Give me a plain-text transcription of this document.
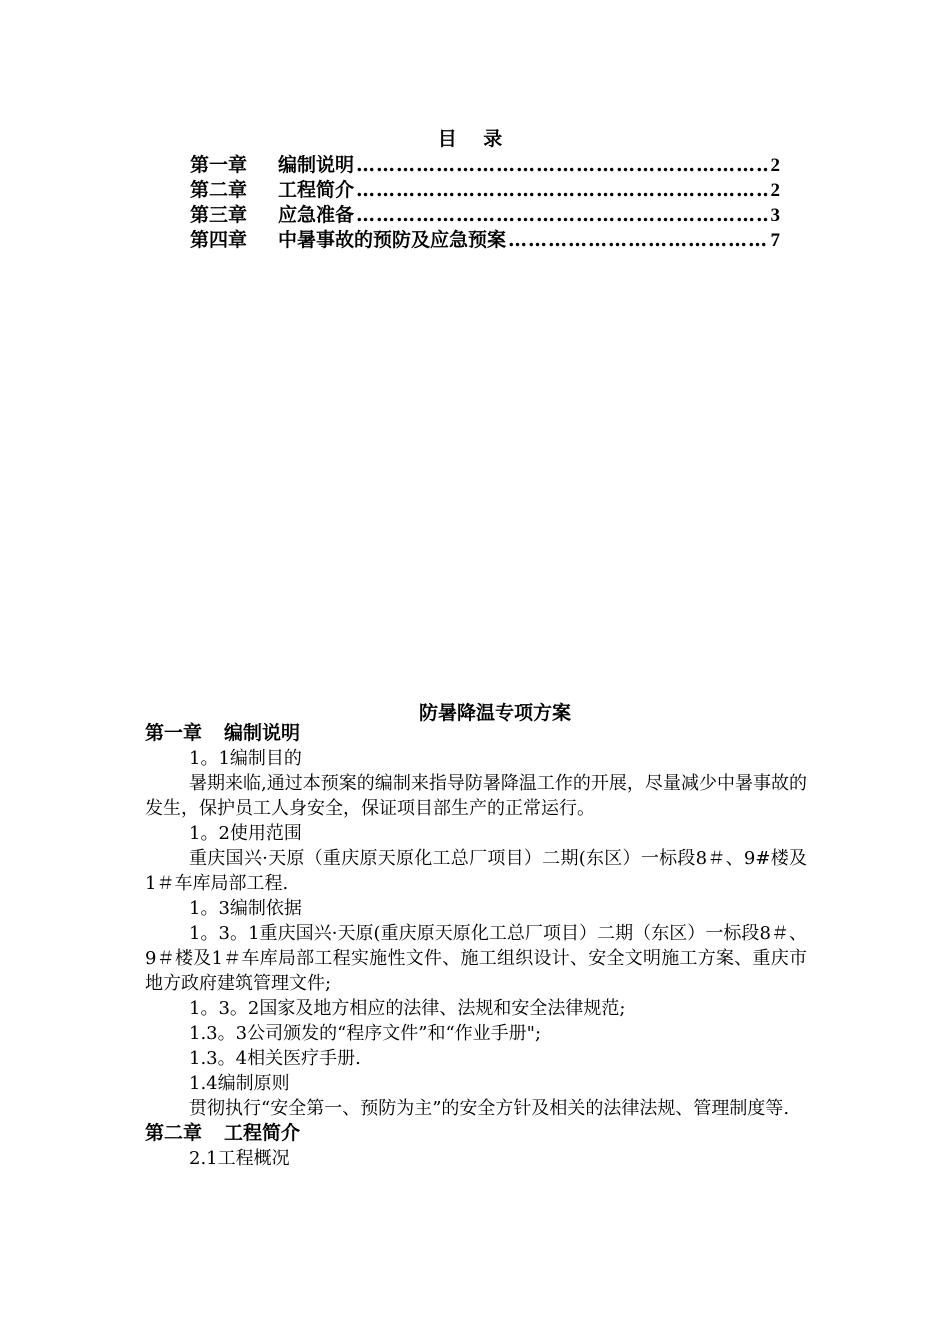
目 录
第一章	编制说明 ……………………………………………………………………………………………………………………	2
第二章	工程简介 ……………………………………………………………………………………………………………………	2
第三章	应急准备 ……………………………………………………………………………………………………………………	3
第四章	中暑事故的预防及应急预案 ……………………………………………………………………………………………………………………	7
防暑降温专项方案
第一章 编制说明
1。1编制目的
暑期来临,通过本预案的编制来指导防暑降温工作的开展，尽量减少中暑事故的发生，保护员工人身安全，保证项目部生产的正常运行。
1。2使用范围
重庆国兴·天原（重庆原天原化工总厂项目）二期(东区）一标段8＃、9#楼及1＃车库局部工程.
1。3编制依据
1。3。1重庆国兴·天原(重庆原天原化工总厂项目）二期（东区）一标段8＃、9＃楼及1＃车库局部工程实施性文件、施工组织设计、安全文明施工方案、重庆市地方政府建筑管理文件;
1。3。2国家及地方相应的法律、法规和安全法律规范;
1.3。3公司颁发的“程序文件”和“作业手册";
1.3。4相关医疗手册.
1.4编制原则
贯彻执行“安全第一、预防为主”的安全方针及相关的法律法规、管理制度等.
第二章 工程简介
2.1工程概况
